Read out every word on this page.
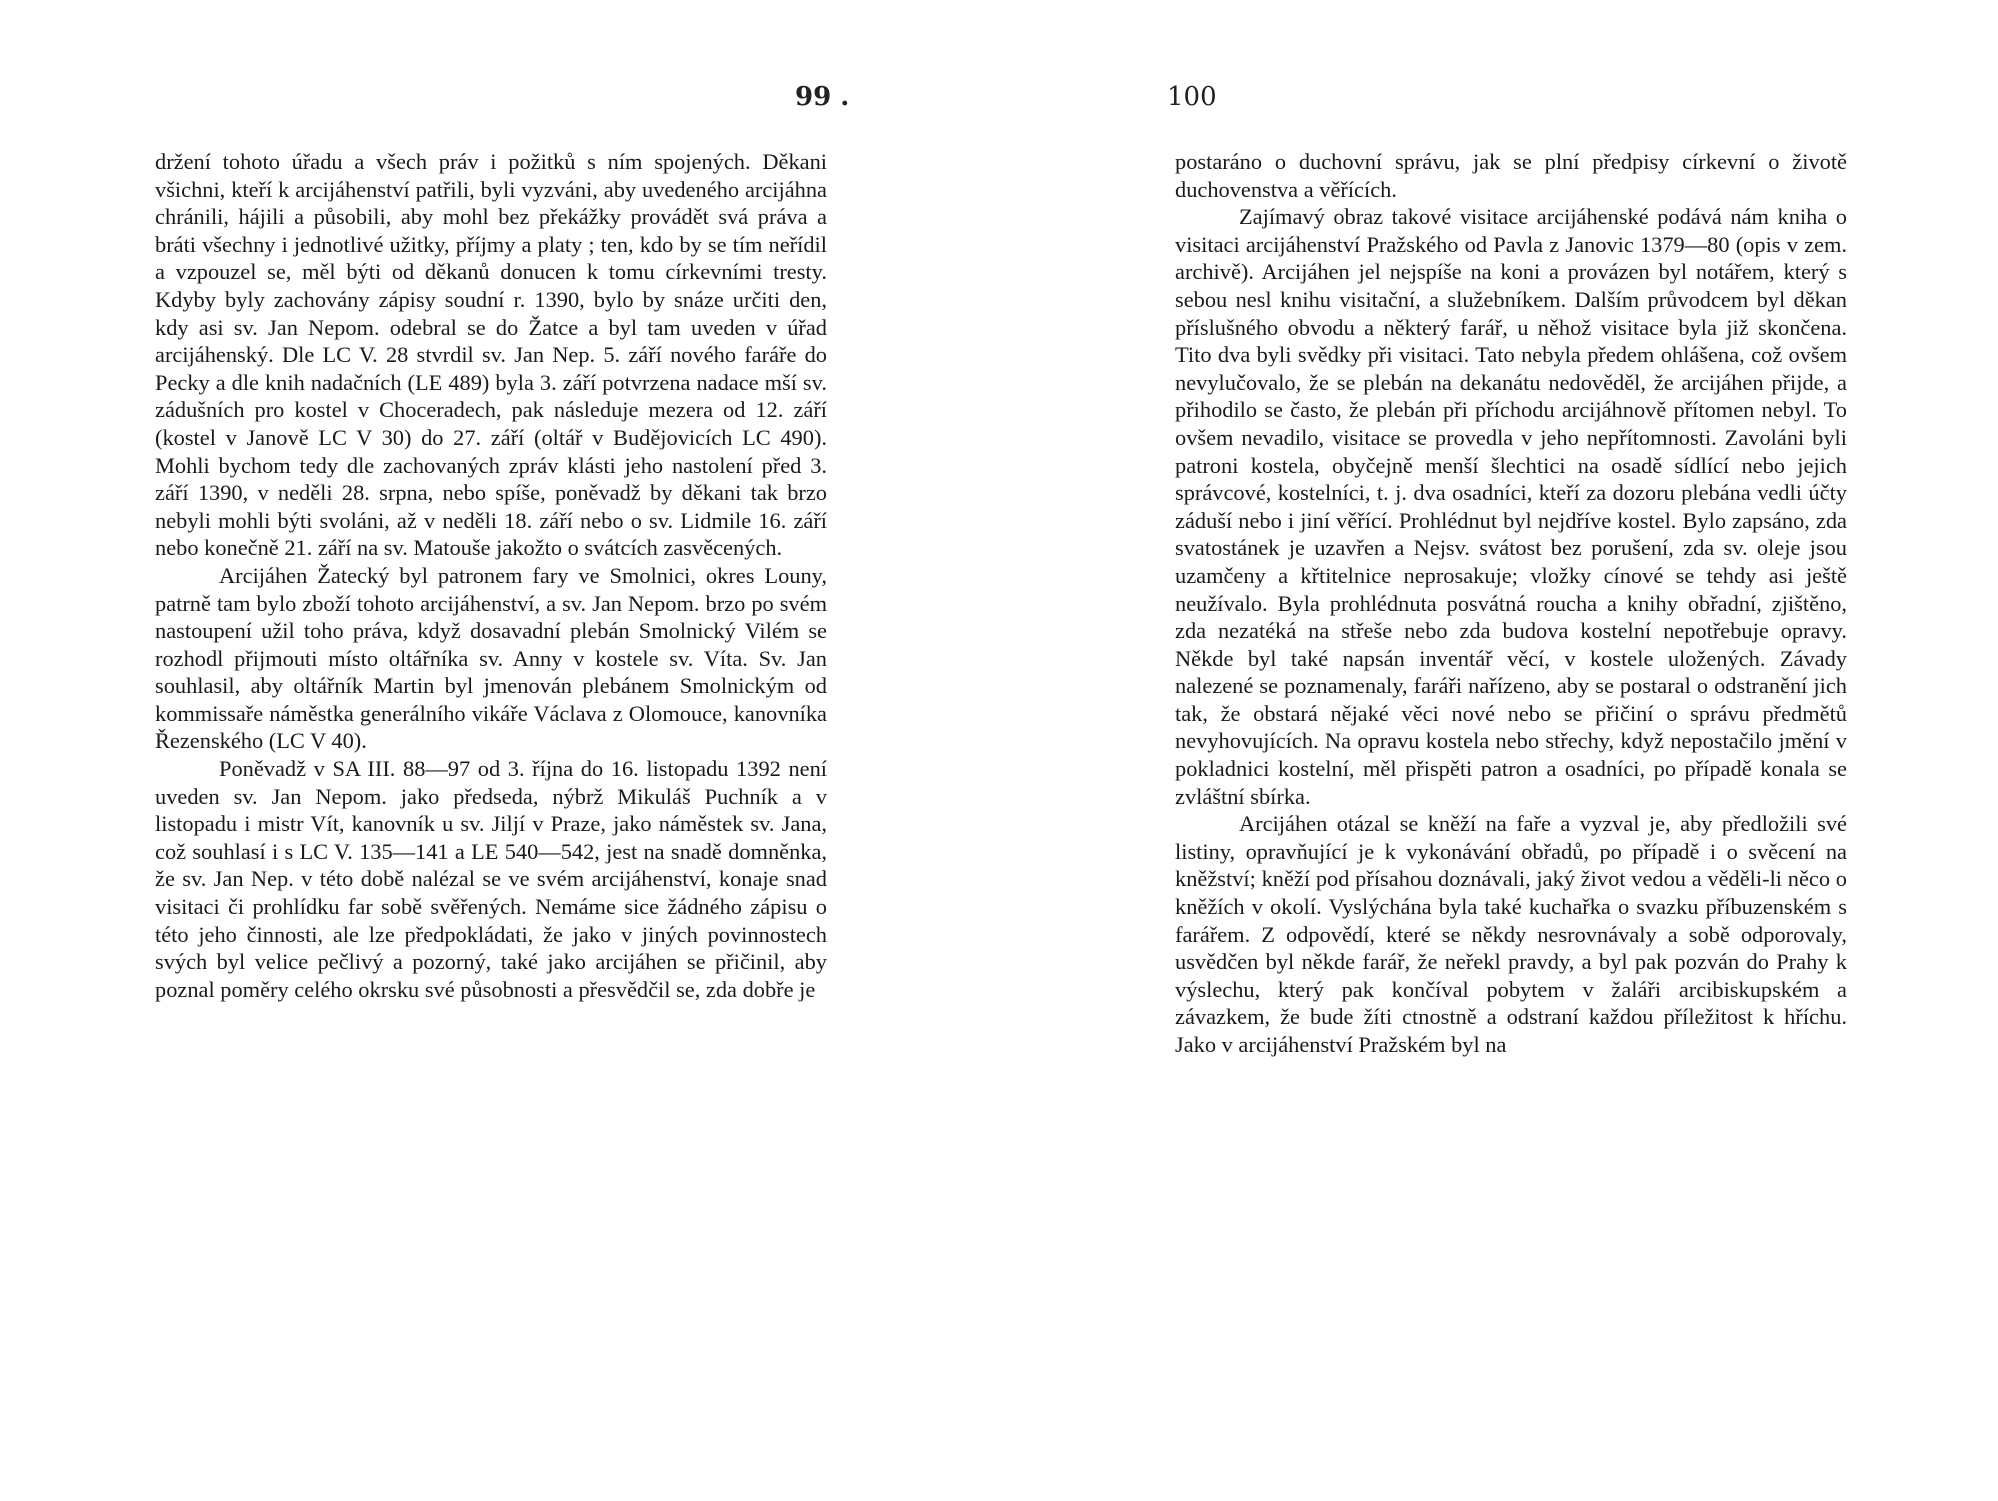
99 .

držení tohoto úřadu a všech práv i požitků s ním spojených. Děkani všichni, kteří k arcijáhenství patřili, byli vyzváni, aby uvedeného arcijáhna chránili, hájili a působili, aby mohl bez překážky provádět svá práva a bráti všechny i jednotlivé užitky, příjmy a platy ; ten, kdo by se tím neřídil a vzpouzel se, měl býti od děkanů donucen k tomu církevními tresty. Kdyby byly zachovány zápisy soudní r. 1390, bylo by snáze určiti den, kdy asi sv. Jan Nepom. odebral se do Žatce a byl tam uveden v úřad arcijáhenský. Dle LC V. 28 stvrdil sv. Jan Nep. 5. září nového faráře do Pecky a dle knih nadačních (LE 489) byla 3. září potvrzena nadace mší sv. zádušních pro kostel v Choceradech, pak následuje mezera od 12. září (kostel v Janově LC V 30) do 27. září (oltář v Budějovicích LC 490). Mohli bychom tedy dle zachovaných zpráv klásti jeho nastolení před 3. září 1390, v neděli 28. srpna, nebo spíše, poněvadž by děkani tak brzo nebyli mohli býti svoláni, až v neděli 18. září nebo o sv. Lidmile 16. září nebo konečně 21. září na sv. Matouše jakožto o svátcích zasvěcených.

Arcijáhen Žatecký byl patronem fary ve Smolnici, okres Louny, patrně tam bylo zboží tohoto arcijáhenství, a sv. Jan Nepom. brzo po svém nastoupení užil toho práva, když dosavadní plebán Smolnický Vilém se rozhodl přijmouti místo oltářníka sv. Anny v kostele sv. Víta. Sv. Jan souhlasil, aby oltářník Martin byl jmenován plebánem Smolnickým od kommissaře náměstka generálního vikáře Václava z Olomouce, kanovníka Řezenského (LC V 40).

Poněvadž v SA III. 88—97 od 3. října do 16. listopadu 1392 není uveden sv. Jan Nepom. jako předseda, nýbrž Mikuláš Puchník a v listopadu i mistr Vít, kanovník u sv. Jiljí v Praze, jako náměstek sv. Jana, což souhlasí i s LC V. 135—141 a LE 540—542, jest na snadě domněnka, že sv. Jan Nep. v této době nalézal se ve svém arcijáhenství, konaje snad visitaci či prohlídku far sobě svěřených. Nemáme sice žádného zápisu o této jeho činnosti, ale lze předpokládati, že jako v jiných povinnostech svých byl velice pečlivý a pozorný, také jako arcijáhen se přičinil, aby poznal poměry celého okrsku své působnosti a přesvědčil se, zda dobře je

100

postaráno o duchovní správu, jak se plní předpisy církevní o životě duchovenstva a věřících.

Zajímavý obraz takové visitace arcijáhenské podává nám kniha o visitaci arcijáhenství Pražského od Pavla z Janovic 1379—80 (opis v zem. archivě). Arcijáhen jel nejspíše na koni a provázen byl notářem, který s sebou nesl knihu visitační, a služebníkem. Dalším průvodcem byl děkan příslušného obvodu a některý farář, u něhož visitace byla již skončena. Tito dva byli svědky při visitaci. Tato nebyla předem ohlášena, což ovšem nevylučovalo, že se plebán na dekanátu nedověděl, že arcijáhen přijde, a přihodilo se často, že plebán při příchodu arcijáhnově přítomen nebyl. To ovšem nevadilo, visitace se provedla v jeho nepřítomnosti. Zavoláni byli patroni kostela, obyčejně menší šlechtici na osadě sídlící nebo jejich správcové, kostelníci, t. j. dva osadníci, kteří za dozoru plebána vedli účty záduší nebo i jiní věřící. Prohlédnut byl nejdříve kostel. Bylo zapsáno, zda svatostánek je uzavřen a Nejsv. svátost bez porušení, zda sv. oleje jsou uzamčeny a křtitelnice neprosakuje; vložky cínové se tehdy asi ještě neužívalo. Byla prohlédnuta posvátná roucha a knihy obřadní, zjištěno, zda nezatéká na střeše nebo zda budova kostelní nepotřebuje opravy. Někde byl také napsán inventář věcí, v kostele uložených. Závady nalezené se poznamenaly, faráři nařízeno, aby se postaral o odstranění jich tak, že obstará nějaké věci nové nebo se přičiní o správu předmětů nevyhovujících. Na opravu kostela nebo střechy, když nepostačilo jmění v pokladnici kostelní, měl přispěti patron a osadníci, po případě konala se zvláštní sbírka.

Arcijáhen otázal se kněží na faře a vyzval je, aby předložili své listiny, opravňující je k vykonávání obřadů, po případě i o svěcení na kněžství; kněží pod přísahou doznávali, jaký život vedou a věděli-li něco o kněžích v okolí. Vyslýchána byla také kuchařka o svazku příbuzenském s farářem. Z odpovědí, které se někdy nesrovnávaly a sobě odporovaly, usvědčen byl někde farář, že neřekl pravdy, a byl pak pozván do Prahy k výslechu, který pak končíval pobytem v žaláři arcibiskupském a závazkem, že bude žíti ctnostně a odstraní každou příležitost k hříchu. Jako v arcijáhenství Pražském byl na
